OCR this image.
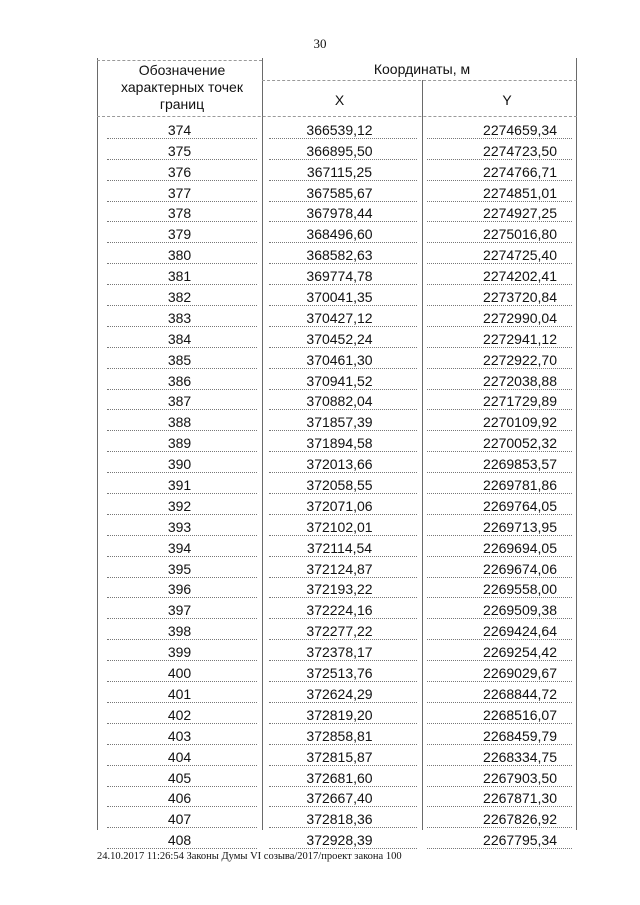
30
Обозначение характерных точек границ
Координаты, м
X	Y
374	366539,12	2274659,34
375	366895,50	2274723,50
376	367115,25	2274766,71
377	367585,67	2274851,01
378	367978,44	2274927,25
379	368496,60	2275016,80
380	368582,63	2274725,40
381	369774,78	2274202,41
382	370041,35	2273720,84
383	370427,12	2272990,04
384	370452,24	2272941,12
385	370461,30	2272922,70
386	370941,52	2272038,88
387	370882,04	2271729,89
388	371857,39	2270109,92
389	371894,58	2270052,32
390	372013,66	2269853,57
391	372058,55	2269781,86
392	372071,06	2269764,05
393	372102,01	2269713,95
394	372114,54	2269694,05
395	372124,87	2269674,06
396	372193,22	2269558,00
397	372224,16	2269509,38
398	372277,22	2269424,64
399	372378,17	2269254,42
400	372513,76	2269029,67
401	372624,29	2268844,72
402	372819,20	2268516,07
403	372858,81	2268459,79
404	372815,87	2268334,75
405	372681,60	2267903,50
406	372667,40	2267871,30
407	372818,36	2267826,92
408	372928,39	2267795,34
24.10.2017 11:26:54 Законы Думы VI созыва/2017/проект закона 100
